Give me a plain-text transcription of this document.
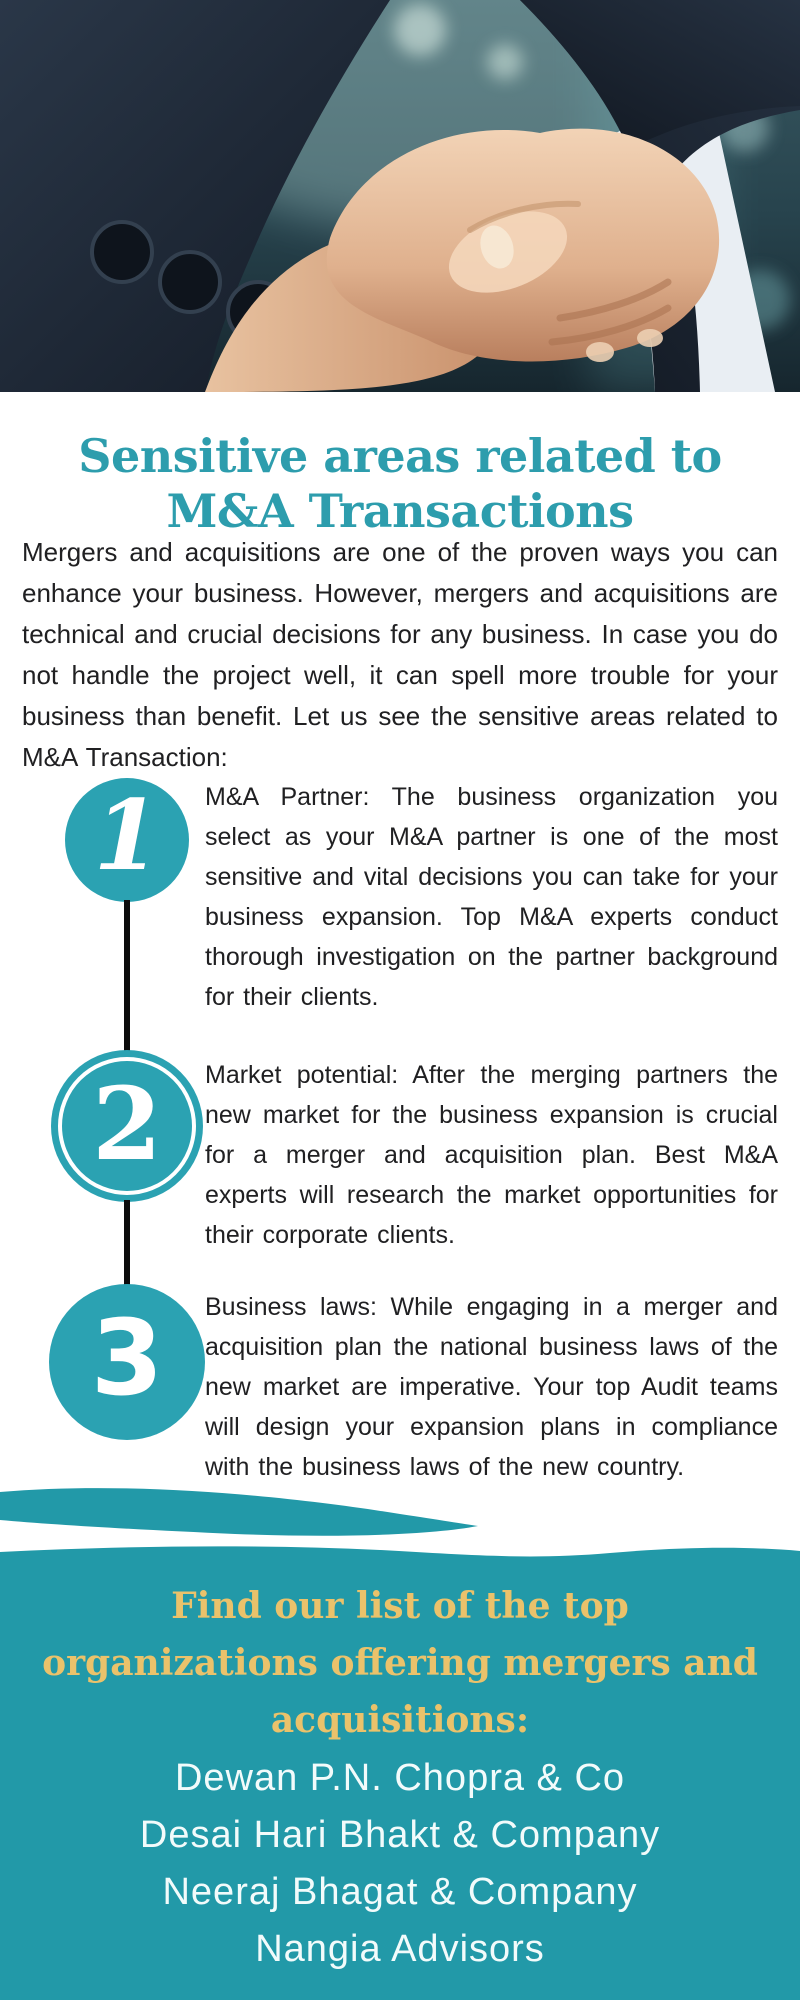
Sensitive areas related to M&A Transactions

Mergers and acquisitions are one of the proven ways you can enhance your business. However, mergers and acquisitions are technical and crucial decisions for any business. In case you do not handle the project well, it can spell more trouble for your business than benefit. Let us see the sensitive areas related to M&A Transaction:

1
2
3

M&A Partner: The business organization you select as your M&A partner is one of the most sensitive and vital decisions you can take for your business expansion. Top M&A experts conduct thorough investigation on the partner background for their clients.

Market potential: After the merging partners the new market for the business expansion is crucial for a merger and acquisition plan. Best M&A experts will research the market opportunities for their corporate clients.

Business laws: While engaging in a merger and acquisition plan the national business laws of the new market are imperative. Your top Audit teams will design your expansion plans in compliance with the business laws of the new country.

Find our list of the top organizations offering mergers and acquisitions:
Dewan P.N. Chopra & Co
Desai Hari Bhakt & Company
Neeraj Bhagat & Company
Nangia Advisors
